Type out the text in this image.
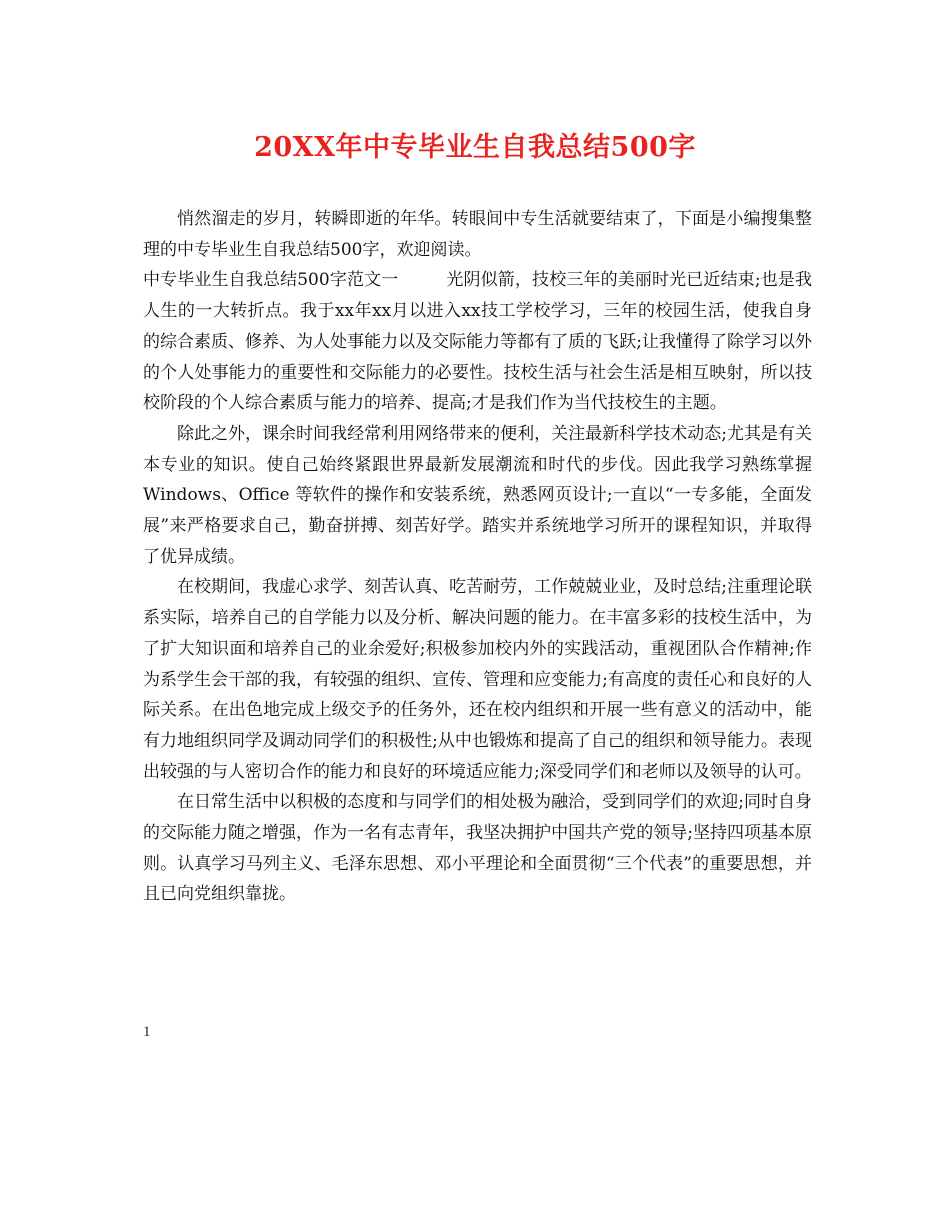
20XX年中专毕业生自我总结500字

悄然溜走的岁月，转瞬即逝的年华。转眼间中专生活就要结束了，下面是小编搜集整理的中专毕业生自我总结500字，欢迎阅读。

中专毕业生自我总结500字范文一	光阴似箭，技校三年的美丽时光已近结束;也是我人生的一大转折点。我于xx年xx月以进入xx技工学校学习，三年的校园生活，使我自身的综合素质、修养、为人处事能力以及交际能力等都有了质的飞跃;让我懂得了除学习以外的个人处事能力的重要性和交际能力的必要性。技校生活与社会生活是相互映射，所以技校阶段的个人综合素质与能力的培养、提高;才是我们作为当代技校生的主题。

除此之外，课余时间我经常利用网络带来的便利，关注最新科学技术动态;尤其是有关本专业的知识。使自己始终紧跟世界最新发展潮流和时代的步伐。因此我学习熟练掌握Windows、Office 等软件的操作和安装系统，熟悉网页设计;一直以“一专多能，全面发展”来严格要求自己，勤奋拼搏、刻苦好学。踏实并系统地学习所开的课程知识，并取得了优异成绩。

在校期间，我虚心求学、刻苦认真、吃苦耐劳，工作兢兢业业，及时总结;注重理论联系实际，培养自己的自学能力以及分析、解决问题的能力。在丰富多彩的技校生活中，为了扩大知识面和培养自己的业余爱好;积极参加校内外的实践活动，重视团队合作精神;作为系学生会干部的我，有较强的组织、宣传、管理和应变能力;有高度的责任心和良好的人际关系。在出色地完成上级交予的任务外，还在校内组织和开展一些有意义的活动中，能有力地组织同学及调动同学们的积极性;从中也锻炼和提高了自己的组织和领导能力。表现出较强的与人密切合作的能力和良好的环境适应能力;深受同学们和老师以及领导的认可。

在日常生活中以积极的态度和与同学们的相处极为融洽，受到同学们的欢迎;同时自身的交际能力随之增强，作为一名有志青年，我坚决拥护中国共产党的领导;坚持四项基本原则。认真学习马列主义、毛泽东思想、邓小平理论和全面贯彻“三个代表”的重要思想，并且已向党组织靠拢。

1
